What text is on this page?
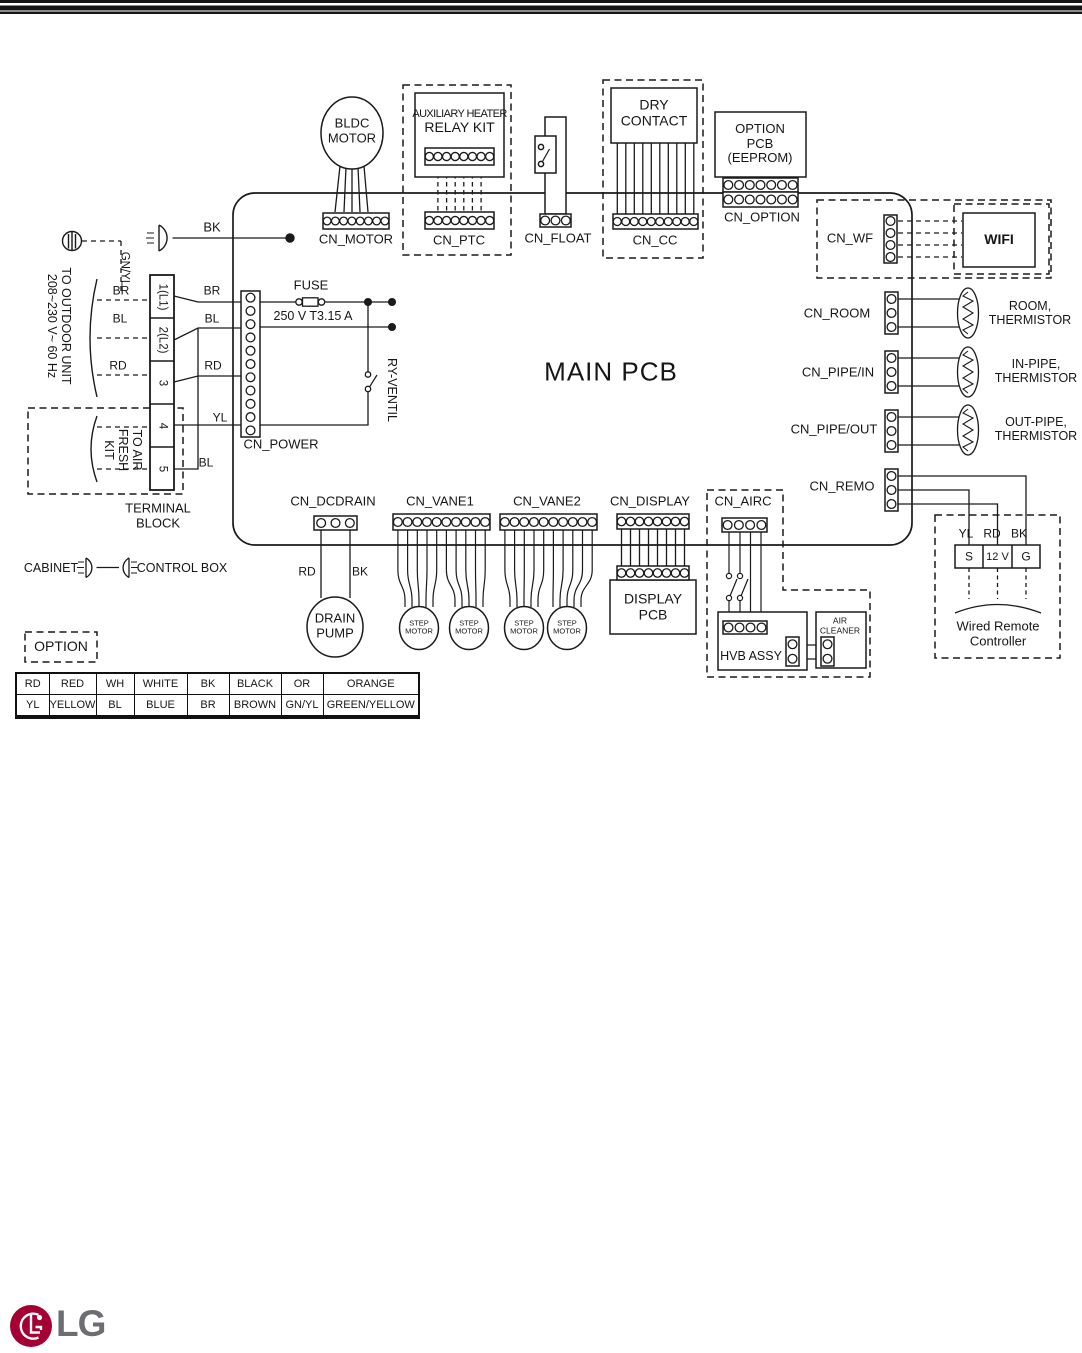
BLDC
MOTOR
AUXILIARY HEATER
RELAY KIT
DRY
CONTACT
OPTION
PCB
(EEPROM)
WIFI
MAIN PCB
CN_MOTOR	CN_PTC	CN_FLOAT	CN_CC
CN_OPTION
CN_WF
CN_ROOM
CN_PIPE/IN
CN_PIPE/OUT
CN_REMO
CN_POWER
CN_DCDRAIN CN_VANE1	CN_VANE2 CN_DISPLAY CN_AIRC
ROOM,
THERMISTOR
IN-PIPE,
THERMISTOR
OUT-PIPE,
THERMISTOR
YL RD BK
S 12 V G
Wired Remote
Controller
BK
GN/YL
BR
BL
RD
BR
BL
RD
YL
BL
TO OUTDOOR UNIT
208~230 V~ 60 Hz
TO AIR
FRESH
KIT
1(L1)
2(L2)
3
4
5
TERMINAL
BLOCK
FUSE
250 V T3.15 A
RY-VENTIL
CABINET	CONTROL BOX
OPTION
RD	BK
DRAIN
PUMP
STEP
MOTOR
STEP
MOTOR
STEP
MOTOR
STEP
MOTOR
DISPLAY
PCB
HVB ASSY
AIR
CLEANER
RD	RED	WH	WHITE	BK	BLACK	OR	ORANGE
YL	YELLOW	BL	BLUE	BR	BROWN	GN/YL	GREEN/YELLOW
LG
